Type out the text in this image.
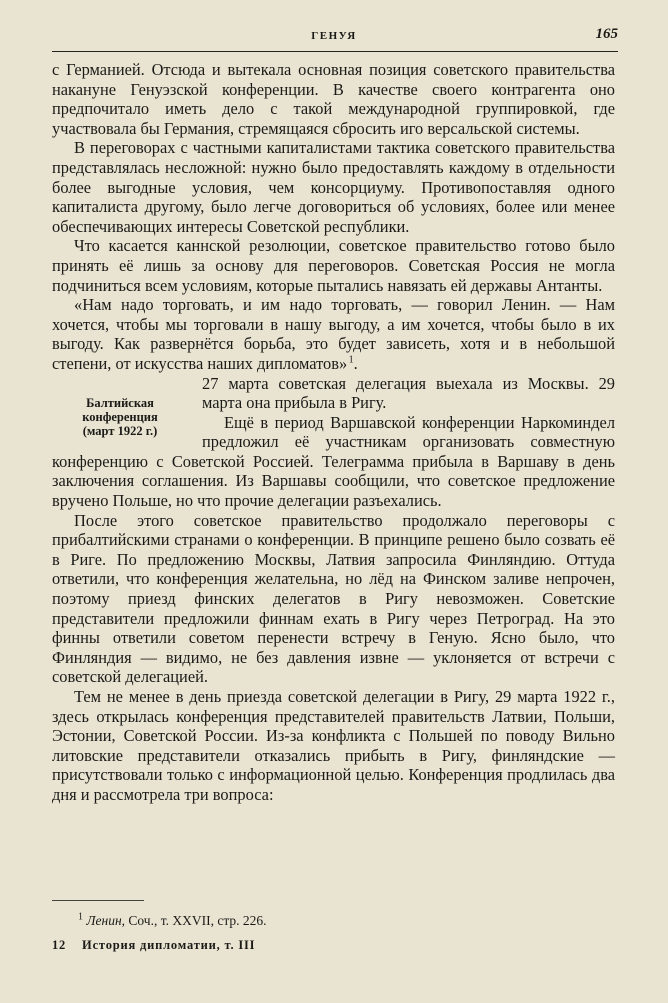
ГЕНУЯ	165

с Германией. Отсюда и вытекала основная позиция советского правительства накануне Генуэзской конференции. В качестве своего контрагента оно предпочитало иметь дело с такой международной группировкой, где участвовала бы Германия, стремящаяся сбросить иго версальской системы.

В переговорах с частными капиталистами тактика советского правительства представлялась несложной: нужно было предоставлять каждому в отдельности более выгодные условия, чем консорциуму. Противопоставляя одного капиталиста другому, было легче договориться об условиях, более или менее обеспечивающих интересы Советской республики.

Что касается каннской резолюции, советское правительство готово было принять её лишь за основу для переговоров. Советская Россия не могла подчиниться всем условиям, которые пытались навязать ей державы Антанты.

«Нам надо торговать, и им надо торговать, — говорил Ленин. — Нам хочется, чтобы мы торговали в нашу выгоду, а им хочется, чтобы было в их выгоду. Как развернётся борьба, это будет зависеть, хотя и в небольшой степени, от искусства наших дипломатов» $^1$.

Балтийская
конференция
(март 1922 г.)

27 марта советская делегация выехала из Москвы. 29 марта она прибыла в Ригу.

Ещё в период Варшавской конференции Наркоминдел предложил её участникам организовать совместную конференцию с Советской Россией. Телеграмма прибыла в Варшаву в день заключения соглашения. Из Варшавы сообщили, что советское предложение вручено Польше, но что прочие делегации разъехались.

После этого советское правительство продолжало переговоры с прибалтийскими странами о конференции. В принципе решено было созвать её в Риге. По предложению Москвы, Латвия запросила Финляндию. Оттуда ответили, что конференция желательна, но лёд на Финском заливе непрочен, поэтому приезд финских делегатов в Ригу невозможен. Советские представители предложили финнам ехать в Ригу через Петроград. На это финны ответили советом перенести встречу в Геную. Ясно было, что Финляндия — видимо, не без давления извне — уклоняется от встречи с советской делегацией.

Тем не менее в день приезда советской делегации в Ригу, 29 марта 1922 г., здесь открылась конференция представителей правительств Латвии, Польши, Эстонии, Советской России. Из-за конфликта с Польшей по поводу Вильно литовские представители отказались прибыть в Ригу, финляндские — присутствовали только с информационной целью. Конференция продлилась два дня и рассмотрела три вопроса:

$^1$ Ленин, Соч., т. XXVII, стр. 226.
12 История дипломатии, т. III
